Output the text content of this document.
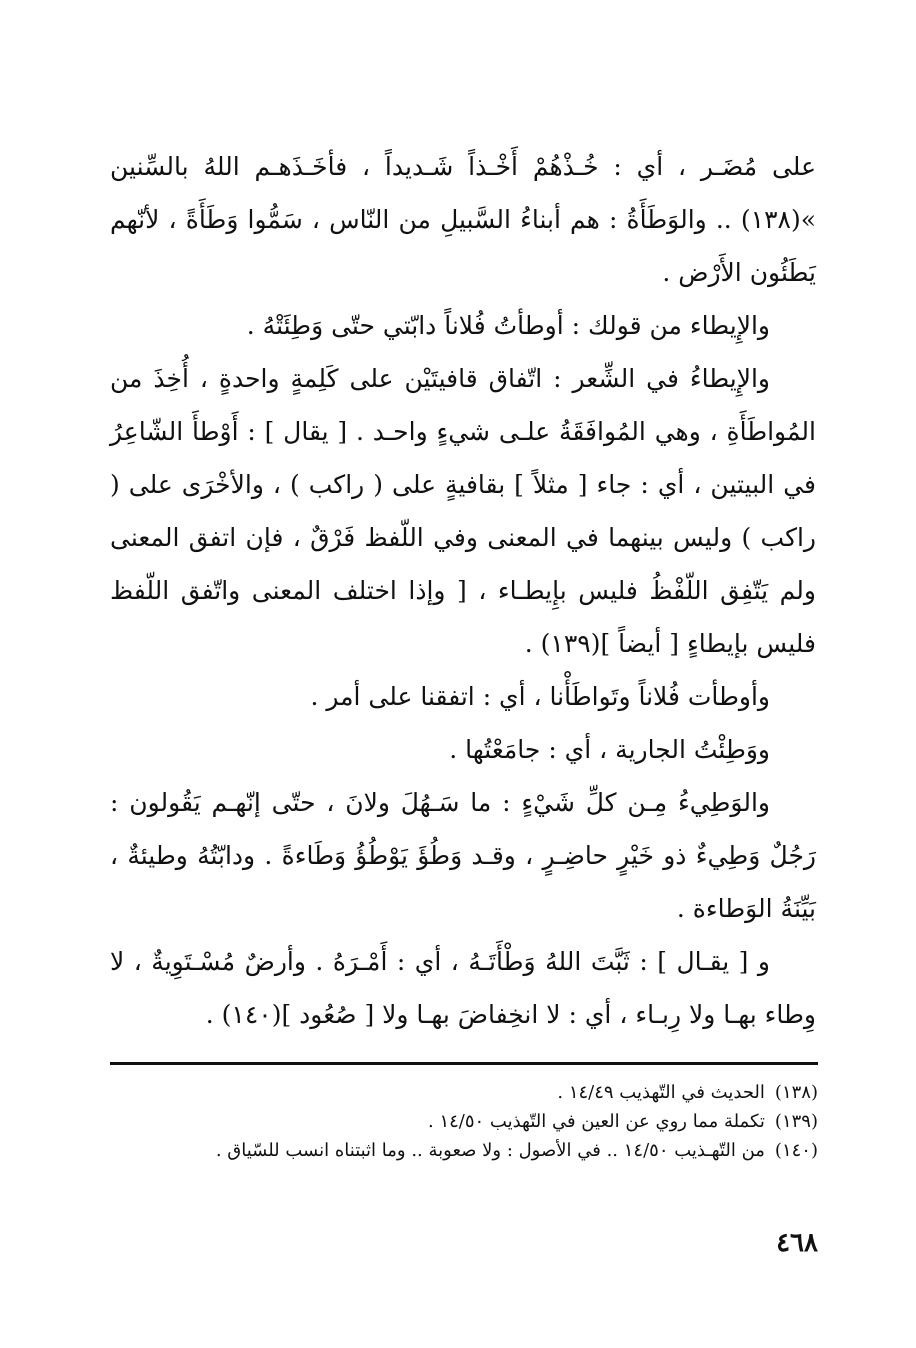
على مُضَـر ، أي : خُـذْهُمْ أَخْـذاً شَـديداً ، فأخَـذَهـم اللهُ بالسِّنين »(١٣٨) .. والوَطَأَةُ : هم أبناءُ السَّبيلِ من النّاس ، سَمُّوا وَطَأَةً ، لأنّهم يَطَئُون الأَرْض .

والإِيطاء من قولك : أوطأتُ فُلاناً دابّتي حتّى وَطِئَتْهُ .

والإِيطاءُ في الشِّعر : اتّفاق قافيتَيْن على كَلِمةٍ واحدةٍ ، أُخِذَ من المُواطَأَةِ ، وهي المُوافَقَةُ علـى شيءٍ واحـد . [ يقال ] : أَوْطأَ الشّاعِرُ في البيتين ، أي : جاء [ مثلاً ] بقافيةٍ على ( راكب ) ، والأخْرَى على ( راكب ) وليس بينهما في المعنى وفي اللّفظ فَرْقٌ ، فإن اتفق المعنى ولم يَتّفِق اللّفْظُ فليس بإِيطـاء ، [ وإذا اختلف المعنى واتّفق اللّفظ فليس بإيطاءٍ [ أيضاً ](١٣٩) .

وأوطأت فُلاناً وتَواطَأْنا ، أي : اتفقنا على أمر .

ووَطِئْتُ الجارية ، أي : جامَعْتُها .

والوَطِيءُ مِـن كلِّ شَيْءٍ : ما سَـهُلَ ولانَ ، حتّى إنّهـم يَقُولون : رَجُلٌ وَطِيءٌ ذو خَيْرٍ حاضِـرٍ ، وقـد وَطُؤَ يَوْطُؤُ وَطَاءةً . ودابّتُهُ وطيئةٌ ، بَيِّنَةُ الوَطاءة .

و [ يقـال ] : ثَبَّتَ اللهُ وَطْأَتَـهُ ، أي : أَمْـرَهُ . وأرضٌ مُسْـتَوِيةٌ ، لا وِطاء بهـا ولا رِبـاء ، أي : لا انخِفاضَ بهـا ولا [ صُعُود ](١٤٠) .

(١٣٨)
الحديث في التّهذيب ١٤/٤٩ .
(١٣٩)
تكملة مما روي عن العين في التّهذيب ١٤/٥٠ .
(١٤٠)
من التّهـذيب ١٤/٥٠ .. في الأصول : ولا صعوبة .. وما اثبتناه انسب للسّياق .
٤٦٨
